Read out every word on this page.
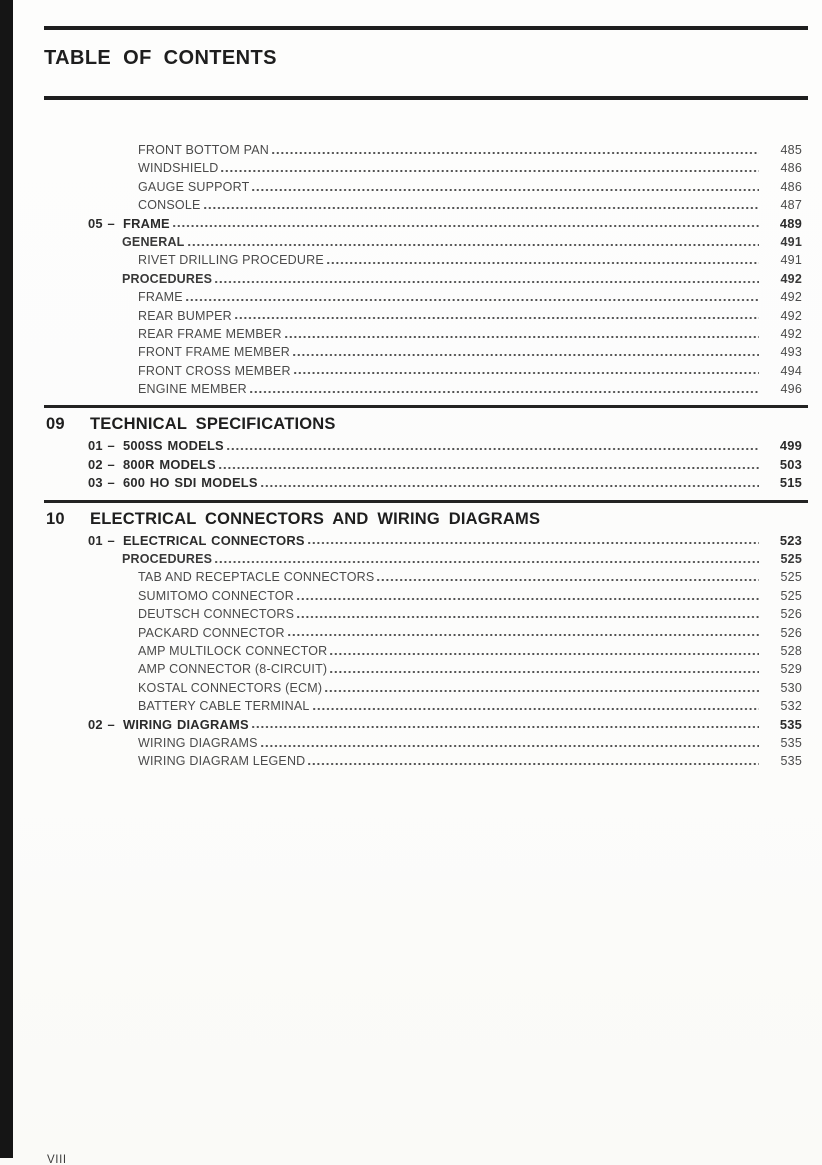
TABLE OF CONTENTS
FRONT BOTTOM PAN	485
WINDSHIELD	486
GAUGE SUPPORT	486
CONSOLE	487
05 – FRAME	489
GENERAL	491
RIVET DRILLING PROCEDURE	491
PROCEDURES	492
FRAME	492
REAR BUMPER	492
REAR FRAME MEMBER	492
FRONT FRAME MEMBER	493
FRONT CROSS MEMBER	494
ENGINE MEMBER	496
09	TECHNICAL SPECIFICATIONS
01 – 500SS MODELS	499
02 – 800R MODELS	503
03 – 600 HO SDI MODELS	515
10	ELECTRICAL CONNECTORS AND WIRING DIAGRAMS
01 – ELECTRICAL CONNECTORS	523
PROCEDURES	525
TAB AND RECEPTACLE CONNECTORS	525
SUMITOMO CONNECTOR	525
DEUTSCH CONNECTORS	526
PACKARD CONNECTOR	526
AMP MULTILOCK CONNECTOR	528
AMP CONNECTOR (8-CIRCUIT)	529
KOSTAL CONNECTORS (ECM)	530
BATTERY CABLE TERMINAL	532
02 – WIRING DIAGRAMS	535
WIRING DIAGRAMS	535
WIRING DIAGRAM LEGEND	535
VIII
